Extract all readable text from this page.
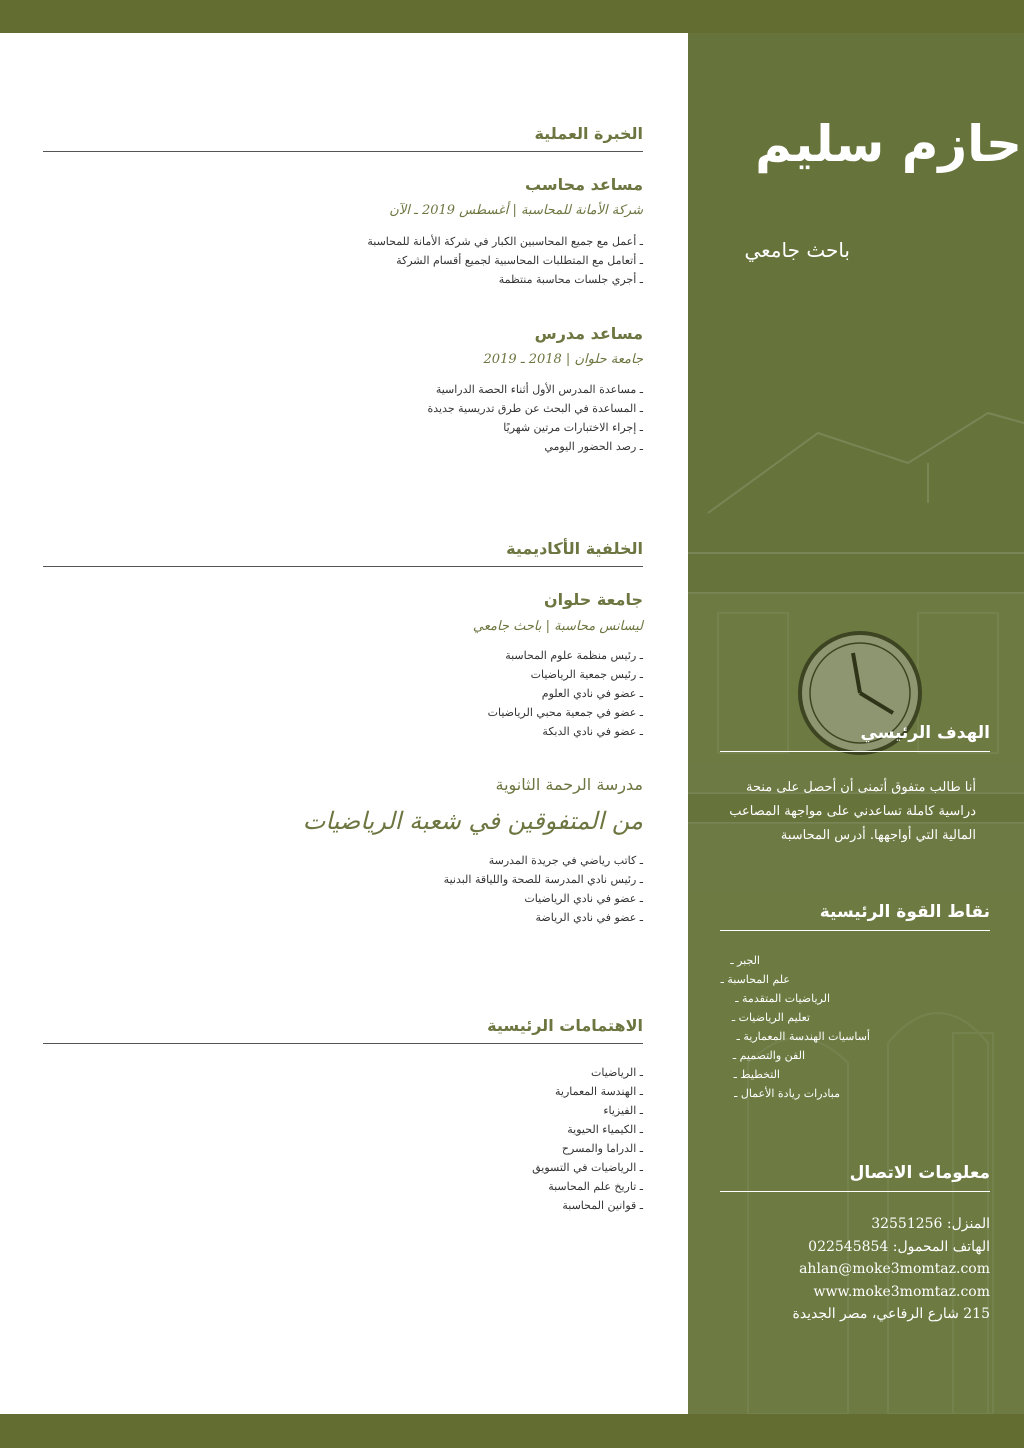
حازم سليم
باحث جامعي
الهدف الرئيسي
أنا طالب متفوق أتمنى أن أحصل على منحة دراسية كاملة تساعدني على مواجهة المصاعب المالية التي أواجهها. أدرس المحاسبة
نقاط القوة الرئيسية
الجبر ـ
علم المحاسبة ـ
الرياضيات المتقدمة ـ
تعليم الرياضيات ـ
أساسيات الهندسة المعمارية ـ
الفن والتصميم ـ
التخطيط ـ
مبادرات ريادة الأعمال ـ
معلومات الاتصال
المنزل: 32551256
الهاتف المحمول: 022545854
ahlan@moke3momtaz.com
www.moke3momtaz.com
215 شارع الرفاعي، مصر الجديدة
الخبرة العملية
مساعد محاسب
شركة الأمانة للمحاسبة | أغسطس 2019 ـ الآن
ـ أعمل مع جميع المحاسبين الكبار في شركة الأمانة للمحاسبة
ـ أتعامل مع المتطلبات المحاسبية لجميع أقسام الشركة
ـ أجري جلسات محاسبة منتظمة
مساعد مدرس
جامعة حلوان | 2018 ـ 2019
ـ مساعدة المدرس الأول أثناء الحصة الدراسية
ـ المساعدة في البحث عن طرق تدريسية جديدة
ـ إجراء الاختبارات مرتين شهريًا
ـ رصد الحضور اليومي
الخلفية الأكاديمية
جامعة حلوان
ليسانس محاسبة | باحث جامعي
ـ رئيس منظمة علوم المحاسبة
ـ رئيس جمعية الرياضيات
ـ عضو في نادي العلوم
ـ عضو في جمعية محبي الرياضيات
ـ عضو في نادي الدبكة
مدرسة الرحمة الثانوية
من المتفوقين في شعبة الرياضيات
ـ كاتب رياضي في جريدة المدرسة
ـ رئيس نادي المدرسة للصحة واللياقة البدنية
ـ عضو في نادي الرياضيات
ـ عضو في نادي الرياضة
الاهتمامات الرئيسية
ـ الرياضيات
ـ الهندسة المعمارية
ـ الفيزياء
ـ الكيمياء الحيوية
ـ الدراما والمسرح
ـ الرياضيات في التسويق
ـ تاريخ علم المحاسبة
ـ قوانين المحاسبة
